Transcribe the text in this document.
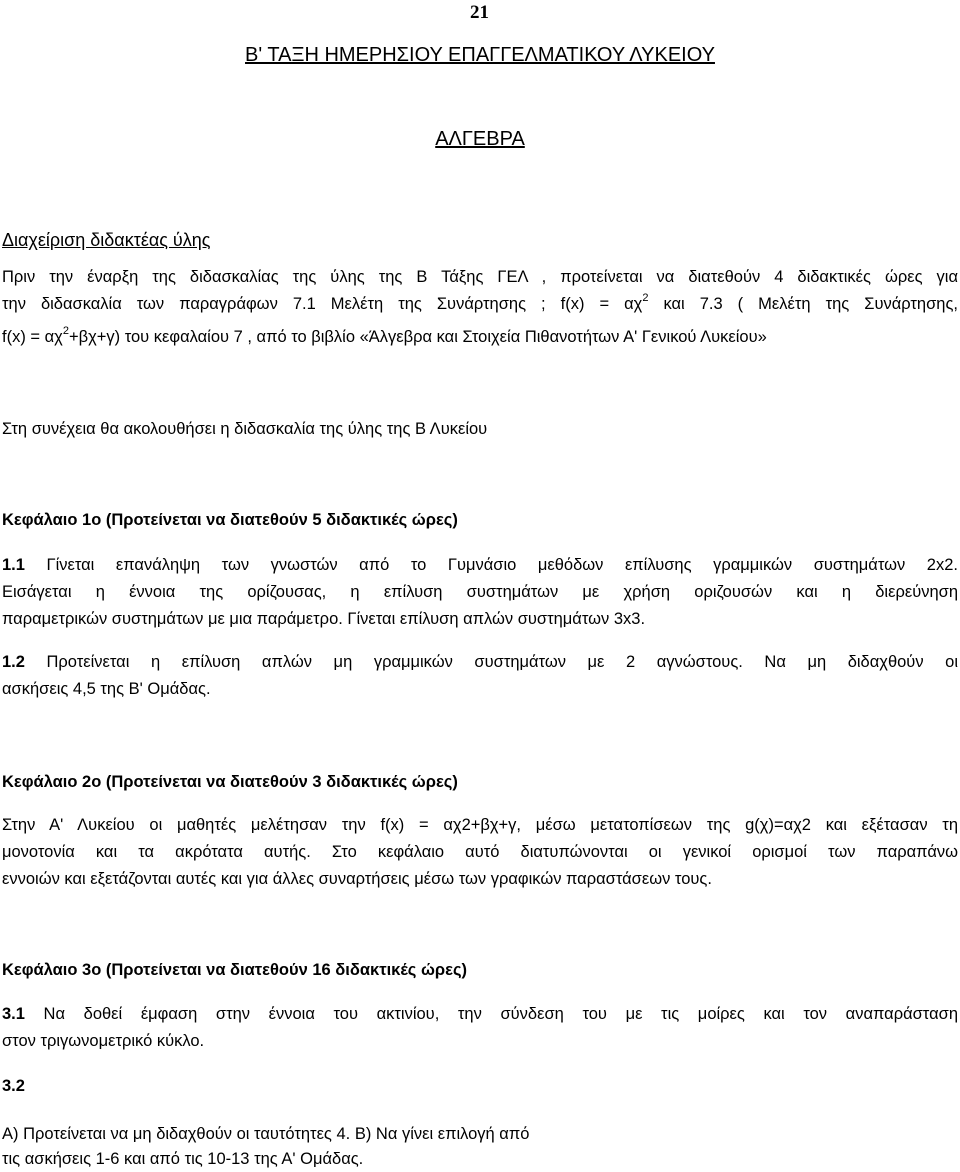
21
Β' ΤΑΞΗ ΗΜΕΡΗΣΙΟΥ ΕΠΑΓΓΕΛΜΑΤΙΚΟΥ ΛΥΚΕΙΟΥ
ΑΛΓΕΒΡΑ
Διαχείριση διδακτέας ύλης
Πριν την έναρξη της διδασκαλίας της ύλης της Β Τάξης ΓΕΛ , προτείνεται να διατεθούν 4 διδακτικές ώρες για
την διδασκαλία των παραγράφων 7.1 Μελέτη της Συνάρτησης ; $f(x) = \alpha\chi^2$ και 7.3 ( Μελέτη της Συνάρτησης,
$f(x) = \alpha\chi^2+\beta\chi+\gamma$) του κεφαλαίου 7 , από το βιβλίο «Άλγεβρα και Στοιχεία Πιθανοτήτων Α' Γενικού Λυκείου»
Στη συνέχεια θα ακολουθήσει η διδασκαλία της ύλης της Β Λυκείου
Κεφάλαιο 1ο (Προτείνεται να διατεθούν 5 διδακτικές ώρες)
1.1 Γίνεται επανάληψη των γνωστών από το Γυμνάσιο μεθόδων επίλυσης γραμμικών συστημάτων 2x2.
Εισάγεται η έννοια της ορίζουσας, η επίλυση συστημάτων με χρήση οριζουσών και η διερεύνηση
παραμετρικών συστημάτων με μια παράμετρο. Γίνεται επίλυση απλών συστημάτων 3x3.
1.2 Προτείνεται η επίλυση απλών μη γραμμικών συστημάτων με 2 αγνώστους. Να μη διδαχθούν οι
ασκήσεις 4,5 της Β' Ομάδας.
Κεφάλαιο 2ο (Προτείνεται να διατεθούν 3 διδακτικές ώρες)
Στην Α' Λυκείου οι μαθητές μελέτησαν την f(x) = αχ2+βχ+γ, μέσω μετατοπίσεων της g(χ)=αχ2 και εξέτασαν τη
μονοτονία και τα ακρότατα αυτής. Στο κεφάλαιο αυτό διατυπώνονται οι γενικοί ορισμοί των παραπάνω
εννοιών και εξετάζονται αυτές και για άλλες συναρτήσεις μέσω των γραφικών παραστάσεων τους.
Κεφάλαιο 3ο (Προτείνεται να διατεθούν 16 διδακτικές ώρες)
3.1 Να δοθεί έμφαση στην έννοια του ακτινίου, την σύνδεση του με τις μοίρες και τον αναπαράσταση
στον τριγωνομετρικό κύκλο.
3.2
Α) Προτείνεται να μη διδαχθούν οι ταυτότητες 4. Β) Να γίνει επιλογή από
τις ασκήσεις 1-6 και από τις 10-13 της Α' Ομάδας.
